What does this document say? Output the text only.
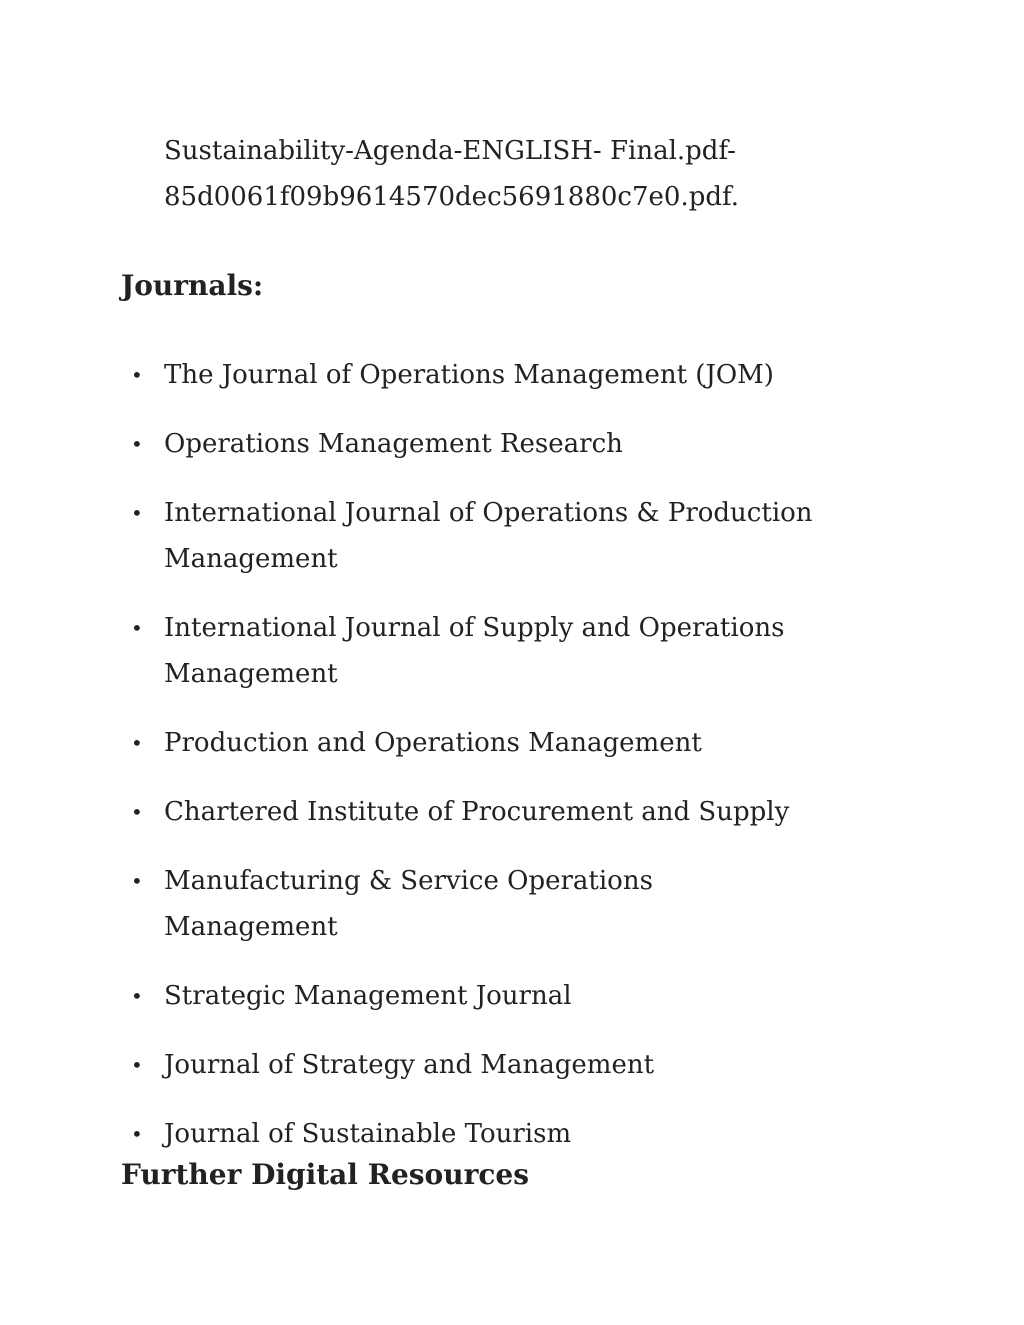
Sustainability-Agenda-ENGLISH- Final.pdf-
85d0061f09b9614570dec5691880c7e0.pdf.

Journals:
• The Journal of Operations Management (JOM)
• Operations Management Research
• International Journal of Operations & Production Management
• International Journal of Supply and Operations Management
• Production and Operations Management
• Chartered Institute of Procurement and Supply
• Manufacturing & Service Operations Management
• Strategic Management Journal
• Journal of Strategy and Management
• Journal of Sustainable Tourism
Further Digital Resources
